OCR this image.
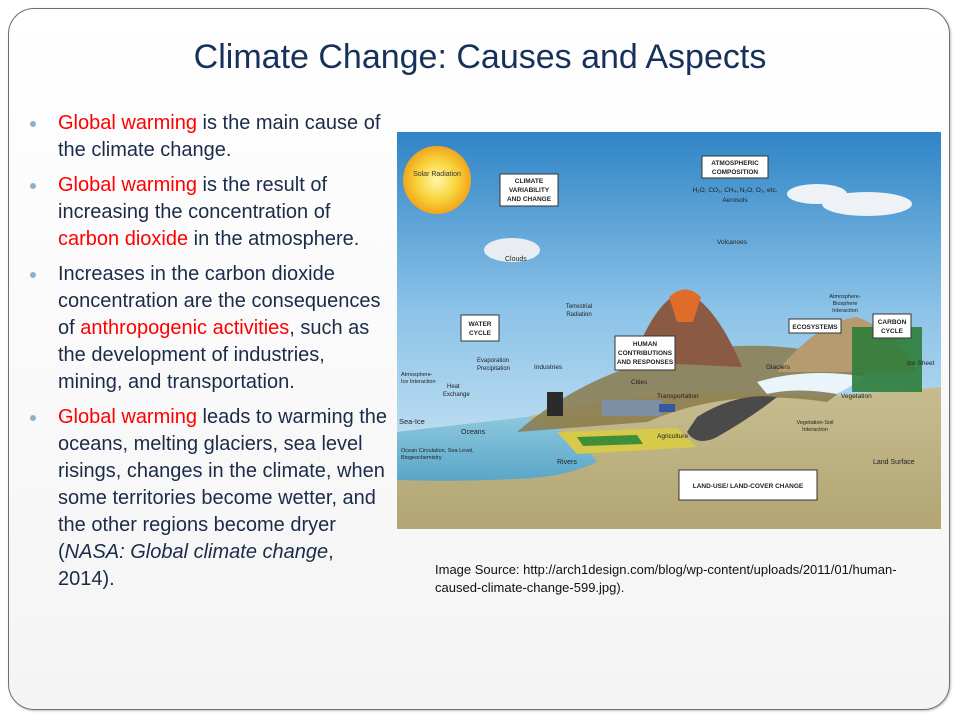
Climate Change: Causes and Aspects
Global warming is the main cause of the climate change.
Global warming is the result of increasing the concentration of carbon dioxide in the atmosphere.
Increases in the carbon dioxide concentration are the consequences of anthropogenic activities, such as the development of industries, mining, and transportation.
Global warming leads to warming the oceans, melting glaciers, sea level risings, changes in the climate, when some territories become wetter, and the other regions become dryer (NASA: Global climate change, 2014).
Solar Radiation
Clouds
CLIMATE
VARIABILITY
AND CHANGE
ATMOSPHERIC
COMPOSITION
H₂O, CO₂, CH₄, N₂O, O₃, etc.
Aerosols
Volcanoes
WATER
CYCLE
Terrestrial
Radiation
HUMAN
CONTRIBUTIONS
AND RESPONSES
ECOSYSTEMS
Atmosphere-
Biosphere
Interaction
CARBON
CYCLE
Evaporation
Precipitation	Industries
Cities
Glaciers
Ice Sheet
Atmosphere-
Ice Interaction
Heat
Exchange	Transportation	Vegetation
Sea-Ice
Oceans
Agriculture
Vegetation-Soil
Interaction
Ocean Circulation, Sea Level,
Biogeochemistry
Rivers	Land Surface
LAND-USE/ LAND-COVER CHANGE
Image Source: http://arch1design.com/blog/wp-content/uploads/2011/01/human-caused-climate-change-599.jpg).
